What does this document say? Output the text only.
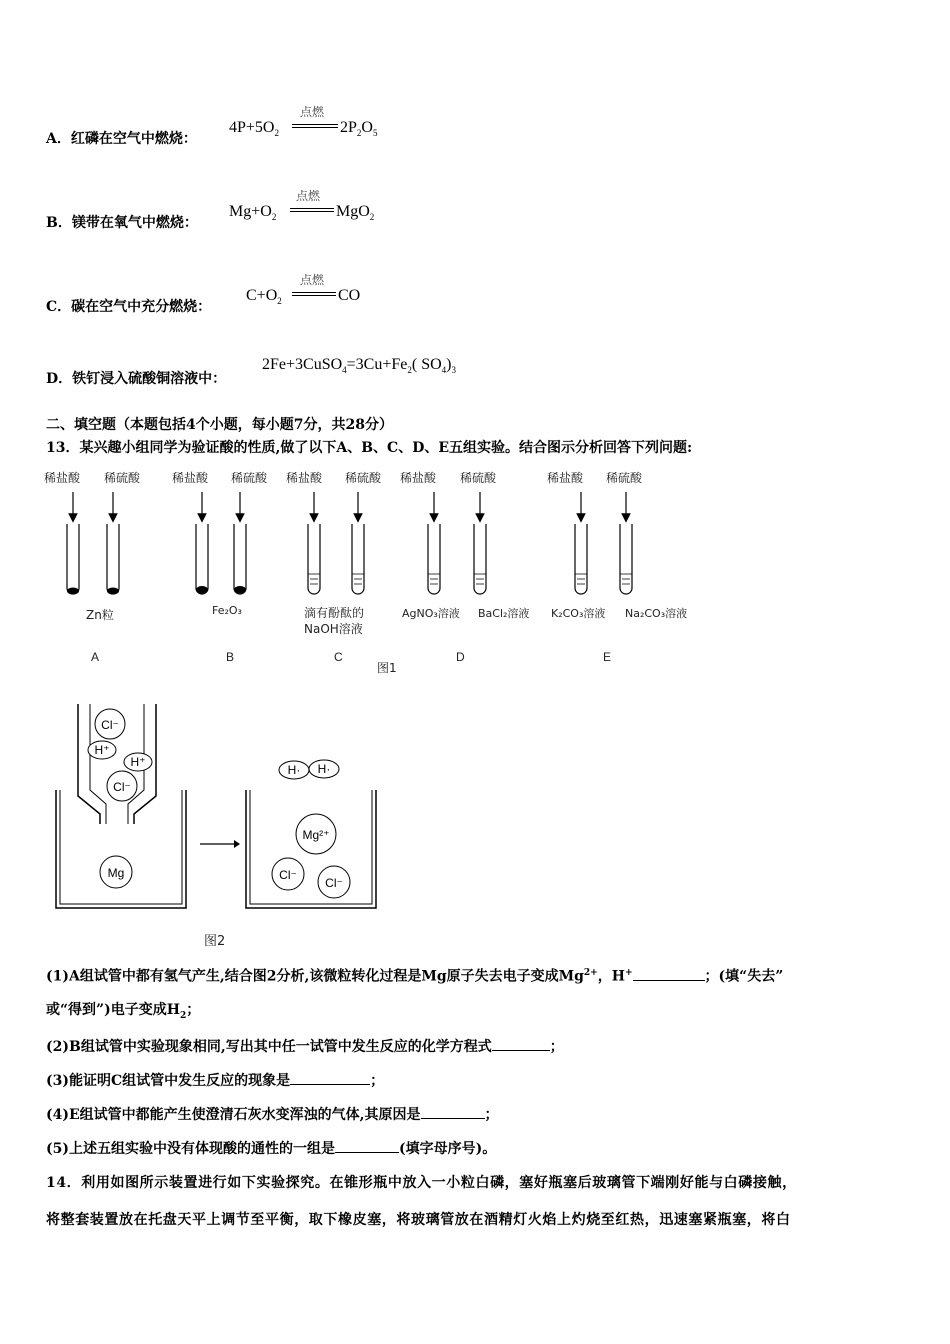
A．红磷在空气中燃烧：
$4P+5O_2$
点燃
$2P_2O_5$
B．镁带在氧气中燃烧：
$Mg+O_2$
点燃
MgO$_2$
C．碳在空气中充分燃烧：
$C+O_2$
点燃
CO
D．铁钉浸入硫酸铜溶液中：
$2Fe+3CuSO_4=3Cu+Fe_2$( $SO_4)_3$
二、填空题（本题包括4个小题，每小题7分，共28分）
13．某兴趣小组同学为验证酸的性质,做了以下A、B、C、D、E五组实验。结合图示分析回答下列问题:
稀盐酸 稀硫酸	稀盐酸 稀硫酸 稀盐酸 稀硫酸 稀盐酸 稀硫酸	稀盐酸 稀硫酸
Zn粒	Fe₂O₃	滴有酚酞的
NaOH溶液
AgNO₃溶液 BaCl₂溶液 K₂CO₃溶液 Na₂CO₃溶液
A	B	C	D	E
图1
Cl⁻
H⁺
H⁺
Cl⁻
Mg
H· H·
Mg²⁺
Cl⁻
Cl⁻
图2
(1)A组试管中都有氢气产生,结合图2分析,该微粒转化过程是Mg原子失去电子变成$Mg^{2+}$，H+	；(填“失去”
或“得到”)电子变成$H_2$；
(2)B组试管中实验现象相同,写出其中任一试管中发生反应的化学方程式	；
(3)能证明C组试管中发生反应的现象是	；
(4)E组试管中都能产生使澄清石灰水变浑浊的气体,其原因是	；
(5)上述五组实验中没有体现酸的通性的一组是	(填字母序号)。
14．利用如图所示装置进行如下实验探究。在锥形瓶中放入一小粒白磷，塞好瓶塞后玻璃管下端刚好能与白磷接触，
将整套装置放在托盘天平上调节至平衡，取下橡皮塞，将玻璃管放在酒精灯火焰上灼烧至红热，迅速塞紧瓶塞，将白
